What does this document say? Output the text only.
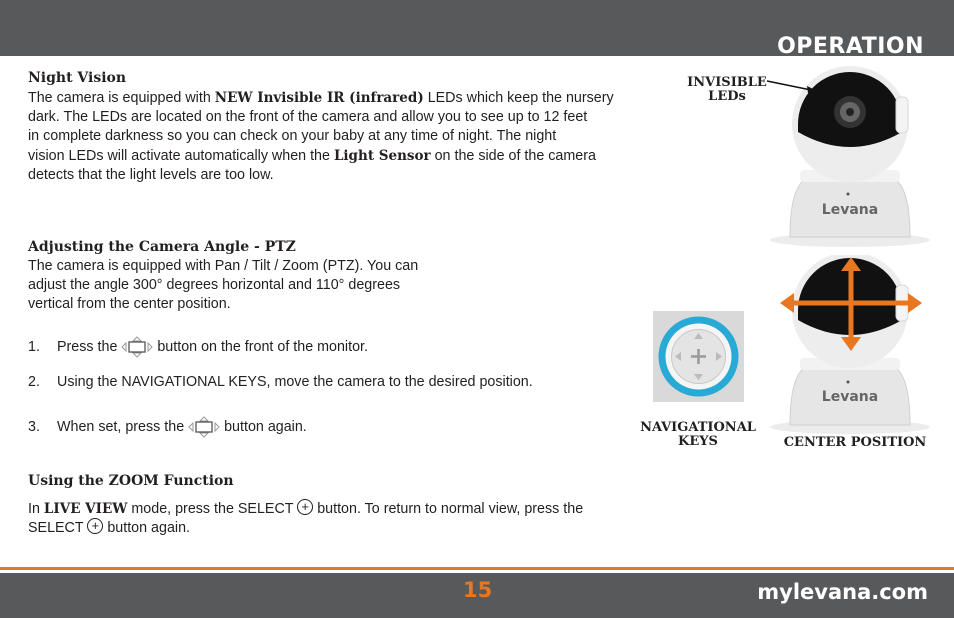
OPERATION
Night Vision
The camera is equipped with NEW Invisible IR (infrared) LEDs which keep the nursery
dark. The LEDs are located on the front of the camera and allow you to see up to 12 feet
in complete darkness so you can check on your baby at any time of night. The night
vision LEDs will activate automatically when the Light Sensor on the side of the camera
detects that the light levels are too low.
Adjusting the Camera Angle - PTZ
The camera is equipped with Pan / Tilt / Zoom (PTZ). You can
adjust the angle 300° degrees horizontal and 110° degrees
vertical from the center position.
1. Press the  button on the front of the monitor.
2. Using the NAVIGATIONAL KEYS, move the camera to the desired position.
3. When set, press the  button again.
Using the ZOOM Function
In LIVE VIEW mode, press the SELECT + button. To return to normal view, press the
SELECT + button again.
Levana
Levana
INVISIBLE
LEDs
NAVIGATIONAL
KEYS	CENTER POSITION
15	mylevana.com
